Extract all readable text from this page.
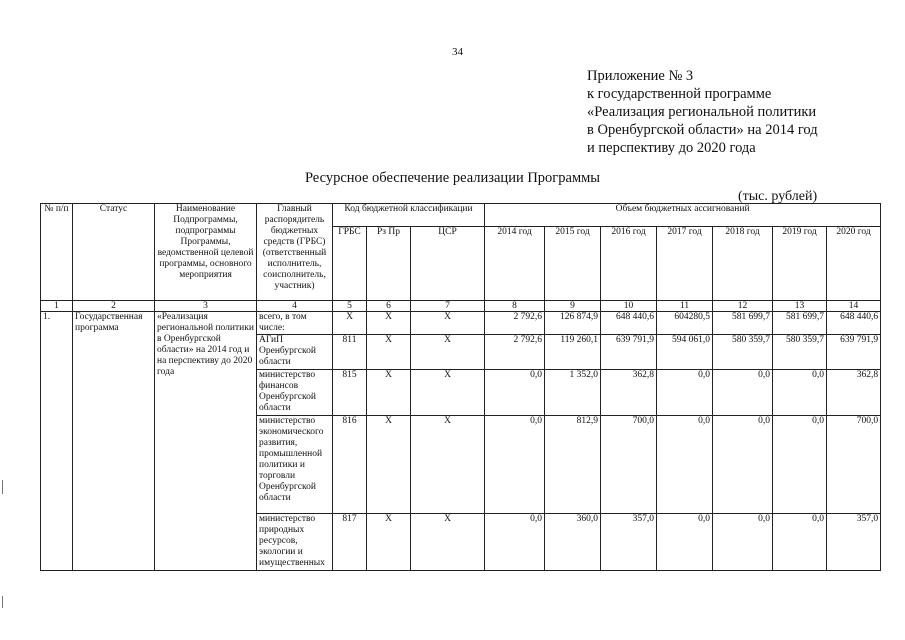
34
Приложение № 3
к государственной программе
«Реализация региональной политики
в Оренбургской области» на 2014 год
и перспективу до 2020 года
Ресурсное обеспечение реализации Программы
(тыс. рублей)
№ п/п	Статус	Наименование Подпрограммы, подпрограммы Программы, ведомственной целевой программы, основного мероприятия	Главный распорядитель бюджетных средств (ГРБС) (ответственный исполнитель, соисполнитель, участник)	Код бюджетной классификации			Объем бюджетных ассигнований						
				ГРБС	Рз Пр	ЦСР	2014 год	2015 год	2016 год	2017 год	2018 год	2019 год	2020 год
1	2	3	4	5	6	7	8	9	10	11	12	13	14
1.	Государственная программа	«Реализация региональной политики в Оренбургской области» на 2014 год и на перспективу до 2020 года	всего, в том числе:	Х	Х	Х	2 792,6	126 874,9	648 440,6	604280,5	581 699,7	581 699,7	648 440,6
			АГиП Оренбургской области	811	Х	Х	2 792,6	119 260,1	639 791,9	594 061,0	580 359,7	580 359,7	639 791,9
			министерство финансов Оренбургской области	815	Х	Х	0,0	1 352,0	362,8	0,0	0,0	0,0	362,8
			министерство экономического развития, промышленной политики и торговли Оренбургской области	816	Х	Х	0,0	812,9	700,0	0,0	0,0	0,0	700,0
			министерство природных ресурсов, экологии и имущественных	817	Х	Х	0,0	360,0	357,0	0,0	0,0	0,0	357,0
